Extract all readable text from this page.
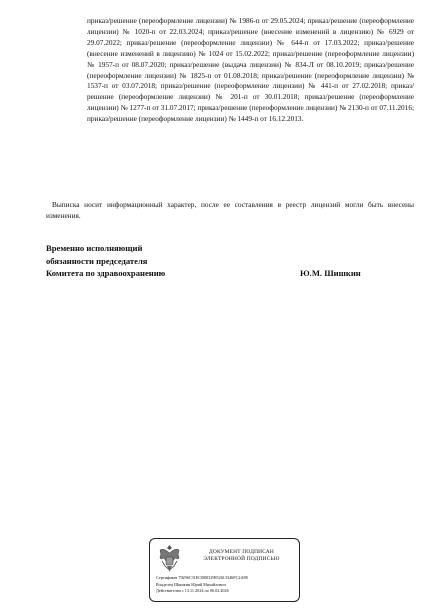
приказ/решение (переоформление лицензии) № 1986-п от 29.05.2024; приказ/решение (переоформление лицензии) № 1020-п от 22.03.2024; приказ/решение (внесение изменений в лицензию) № 6929 от 29.07.2022; приказ/решение (переоформление лицензии) № 644-п от 17.03.2022; приказ/решение (внесение изменений в лицензию) № 1024 от 15.02.2022; приказ/решение (переоформление лицензии) № 1957-п от 08.07.2020; приказ/решение (выдача лицензии) № 834-Л от 08.10.2019; приказ/решение (переоформление лицензии) № 1825-п от 01.08.2018; приказ/решение (переоформление лицензии) № 1537-п от 03.07.2018; приказ/решение (переоформление лицензии) № 441-п от 27.02.2018; приказ/решение (переоформление лицензии) № 201-п от 30.01.2018; приказ/решение (переоформление лицензии) № 1277-п от 31.07.2017; приказ/решение (переоформление лицензии) № 2130-п от 07.11.2016; приказ/решение (переоформление лицензии) № 1449-п от 16.12.2013.

Выписка носит информационный характер, после ее составления в реестр лицензий могли быть внесены изменения.

Временно исполняющий
обязанности председателя
Комитета по здравоохранению	Ю.М. Шишкин
ДОКУМЕНТ ПОДПИСАН
ЭЛЕКТРОННОЙ ПОДПИСЬЮ
Сертификат 79296C31EC0B0329852613346FC2A88
Владелец Шишкин Юрий Михайлович
Действителен с 13.11.2024 по 06.02.2026
